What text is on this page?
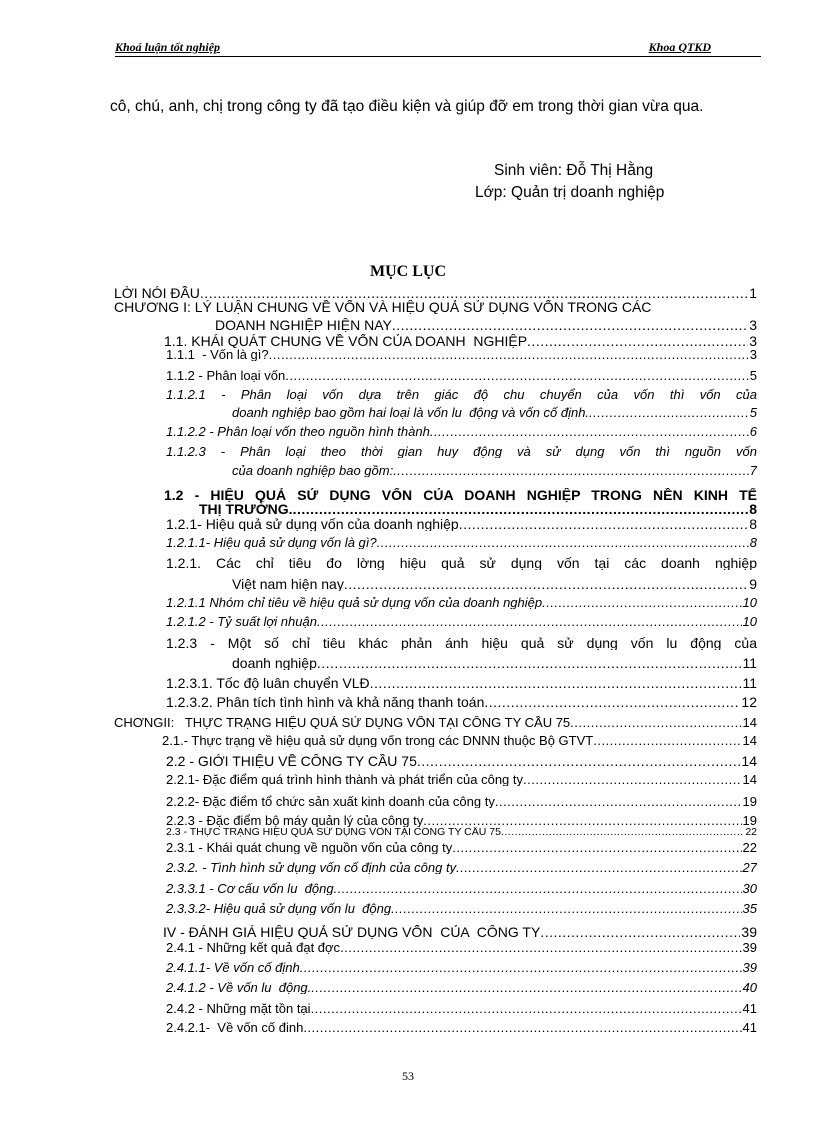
Khoá luận tốt nghiệp	Khoa QTKD
cô, chú, anh, chị trong công ty đã tạo điều kiện và giúp đỡ em trong thời gian vừa qua.
Sinh viên: Đỗ Thị Hằng
Lớp: Quản trị doanh nghiệp
MỤC LỤC
LỜI NÓI ĐẦU .....	1
CHƯƠNG I: LÝ LUẬN CHUNG VỀ VỐN VÀ HIỆU QUẢ SỬ DỤNG VỐN TRONG CÁC
DOANH NGHIỆP HIỆN NAY .....	3
1.1. KHÁI QUÁT CHUNG VỀ VỐN CỦA DOANH  NGHIỆP .....	3
1.1.1  - Vốn là gì? .....	3
1.1.2 - Phân loại vốn .....	5
1.1.2.1 - Phân loại vốn dựa trên giác độ chu chuyển của vốn thì vốn của
doanh nghiệp bao gồm hai loại là vốn lu  động và vốn cố định. .....	5
1.1.2.2 - Phân loại vốn theo nguồn hình thành .....	6
1.1.2.3 - Phân loại theo thời gian huy động và sử dụng vốn thì nguồn vốn
của doanh nghiệp bao gồm: .....	7
1.2 - HIỆU QUẢ SỬ DỤNG VỐN CỦA DOANH NGHIỆP TRONG NỀN KINH TẾ
THỊ TRƯỜNG. .....	8
1.2.1- Hiệu quả sử dụng vốn của doanh nghiệp .....	8
1.2.1.1- Hiệu quả sử dụng vốn là gì? .....	8
1.2.1. Các chỉ tiêu đo lờng hiệu quả sử dụng vốn tại các doanh nghiệp
Việt nam hiện nay .....	9
1.2.1.1 Nhóm chỉ tiêu về hiệu quả sử dụng vốn của doanh nghiệp .....	10
1.2.1.2 - Tỷ suất lợi nhuận .....	10
1.2.3 - Một số chỉ tiêu khác phản ánh hiệu quả sử dụng vốn lu động của
doanh nghiệp .....	11
1.2.3.1. Tốc độ luân chuyển VLĐ .....	11
1.2.3.2. Phân tích tình hình và khả năng thanh toán .....	12
CHƠNGII:   THỰC TRẠNG HIỆU QUẢ SỬ DỤNG VỐN TẠI CÔNG TY CẦU 75 .....	14
2.1.- Thực trạng về hiệu quả sử dụng vốn trong các DNNN thuộc Bộ GTVT .....	14
2.2 - GIỚI THIỆU VỀ CÔNG TY CẦU 75 .....	14
2.2.1- Đặc điểm quá trình hình thành và phát triển của công ty .....	14
2.2.2- Đặc điểm tổ chức sản xuất kinh doanh của công ty .....	19
2.2.3 - Đặc điểm bộ máy quản lý của công ty .....	19
2.3 - THỰC TRẠNG HIỆU QUẢ SỬ DỤNG VỐN TẠI CÔNG TY CẦU 75 .....	22
2.3.1 - Khái quát chung về nguồn vốn của công ty .....	22
2.3.2. - Tình hình sử dụng vốn cố định của công ty .....	27
2.3.3.1 - Cơ cấu vốn lu  động .....	30
2.3.3.2- Hiệu quả sử dụng vốn lu  động .....	35
IV - ĐÁNH GIÁ HIỆU QUẢ SỬ DỤNG VỐN  CỦA  CÔNG TY .....	39
2.4.1 - Những kết quả đạt đợc .....	39
2.4.1.1- Về vốn cố định .....	39
2.4.1.2 - Về vốn lu  động. .....	40
2.4.2 - Những mặt tồn tại .....	41
2.4.2.1-  Về vốn cố đinh .....	41
53
